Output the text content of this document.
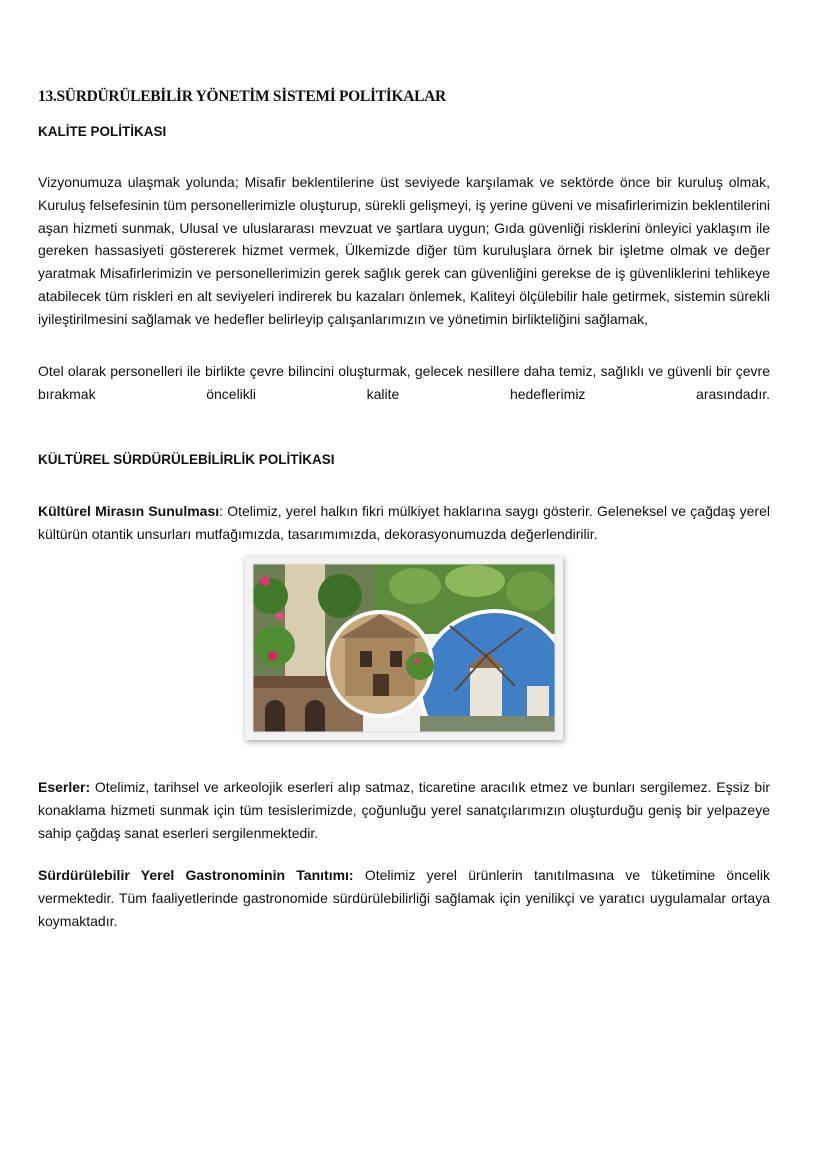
13.SÜRDÜRÜLEBİLİR YÖNETİM SİSTEMİ POLİTİKALAR
KALİTE POLİTİKASI
Vizyonumuza ulaşmak yolunda; Misafir beklentilerine üst seviyede karşılamak ve sektörde önce bir kuruluş olmak, Kuruluş felsefesinin tüm personellerimizle oluşturup, sürekli gelişmeyi, iş yerine güveni ve misafirlerimizin beklentilerini aşan hizmeti sunmak, Ulusal ve uluslararası mevzuat ve şartlara uygun; Gıda güvenliği risklerini önleyici yaklaşım ile gereken hassasiyeti göstererek hizmet vermek, Ülkemizde diğer tüm kuruluşlara örnek bir işletme olmak ve değer yaratmak Misafirlerimizin ve personellerimizin gerek sağlık gerek can güvenliğini gerekse de iş güvenliklerini tehlikeye atabilecek tüm riskleri en alt seviyeleri indirerek bu kazaları önlemek, Kaliteyi ölçülebilir hale getirmek, sistemin sürekli iyileştirilmesini sağlamak ve hedefler belirleyip çalışanlarımızın ve yönetimin birlikteliğini sağlamak,
Otel olarak personelleri ile birlikte çevre bilincini oluşturmak, gelecek nesillere daha temiz, sağlıklı ve güvenli bir çevre bırakmak öncelikli kalite hedeflerimiz arasındadır.
KÜLTÜREL SÜRDÜRÜLEBİLİRLİK POLİTİKASI
Kültürel Mirasın Sunulması: Otelimiz, yerel halkın fikri mülkiyet haklarına saygı gösterir. Geleneksel ve çağdaş yerel kültürün otantik unsurları mutfağımızda, tasarımımızda, dekorasyonumuzda değerlendirilir.
Eserler: Otelimiz, tarihsel ve arkeolojik eserleri alıp satmaz, ticaretine aracılık etmez ve bunları sergilemez. Eşsiz bir konaklama hizmeti sunmak için tüm tesislerimizde, çoğunluğu yerel sanatçılarımızın oluşturduğu geniş bir yelpazeye sahip çağdaş sanat eserleri sergilenmektedir.
Sürdürülebilir Yerel Gastronominin Tanıtımı: Otelimiz yerel ürünlerin tanıtılmasına ve tüketimine öncelik vermektedir. Tüm faaliyetlerinde gastronomide sürdürülebilirliği sağlamak için yenilikçi ve yaratıcı uygulamalar ortaya koymaktadır.
